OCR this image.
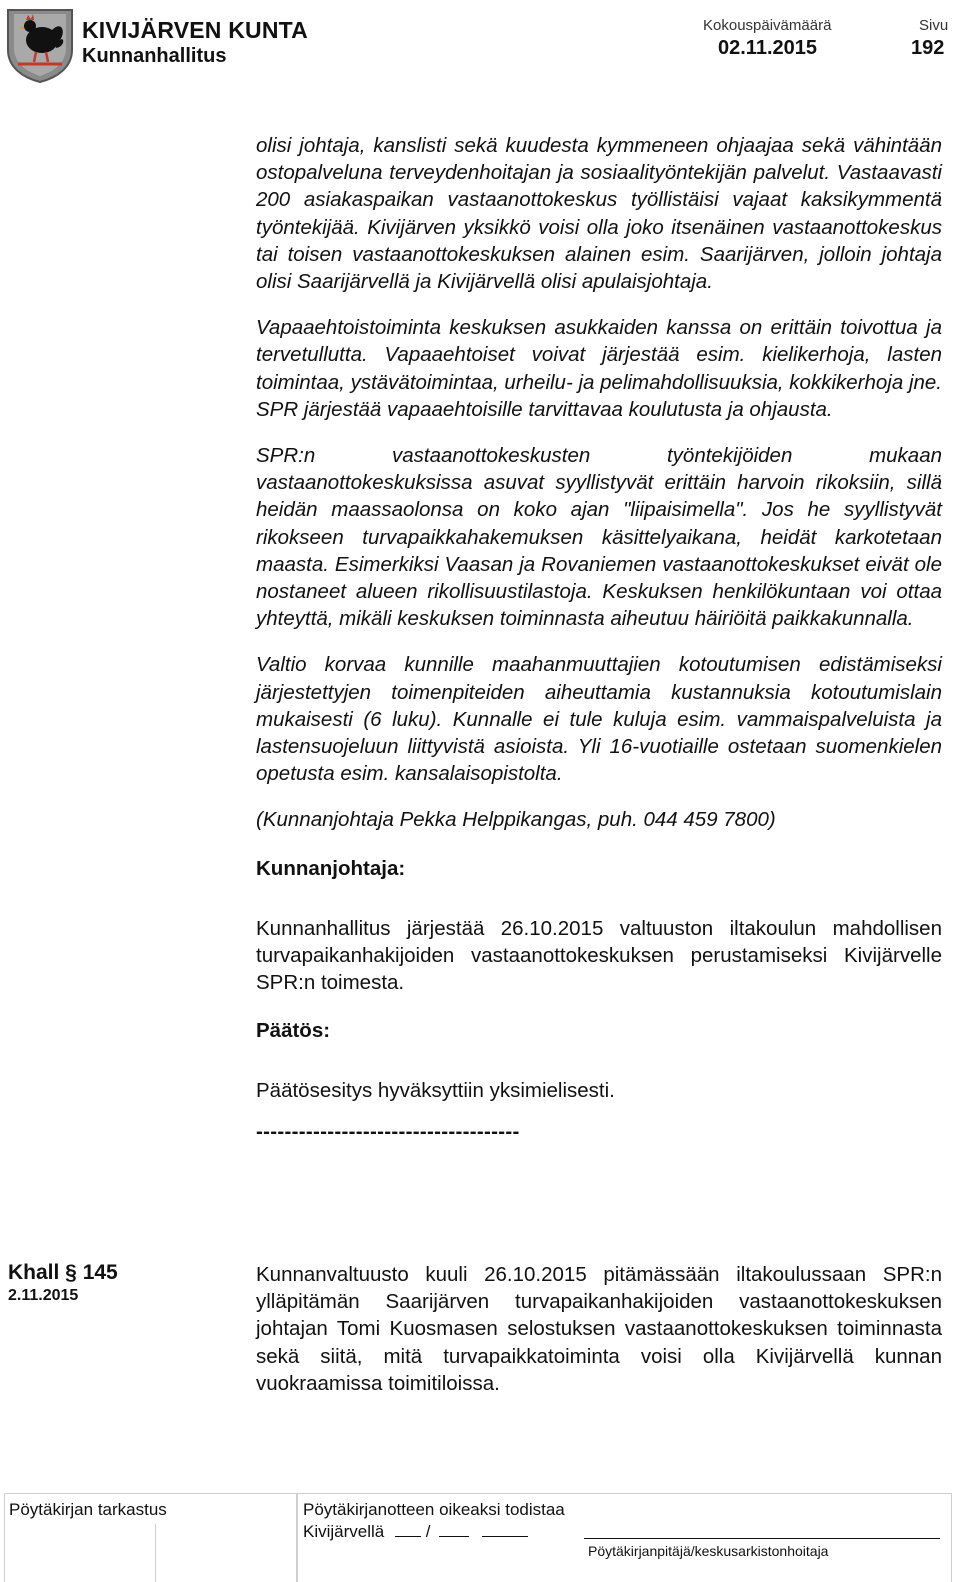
KIVIJÄRVEN KUNTA
Kunnanhallitus
Kokouspäivämäärä
02.11.2015
Sivu
192

olisi johtaja, kanslisti sekä kuudesta kymmeneen ohjaajaa sekä vähintään ostopalveluna terveydenhoitajan ja sosiaalityöntekijän palvelut. Vastaavasti 200 asiakaspaikan vastaanottokeskus työllistäisi vajaat kaksikymmentä työntekijää. Kivijärven yksikkö voisi olla joko itsenäinen vastaanottokeskus tai toisen vastaanottokeskuksen alainen esim. Saarijärven, jolloin johtaja olisi Saarijärvellä ja Kivijärvellä olisi apulaisjohtaja.

Vapaaehtoistoiminta keskuksen asukkaiden kanssa on erittäin toivottua ja tervetullutta. Vapaaehtoiset voivat järjestää esim. kielikerhoja, lasten toimintaa, ystävätoimintaa, urheilu- ja pelimahdollisuuksia, kokkikerhoja jne. SPR järjestää vapaaehtoisille tarvittavaa koulutusta ja ohjausta.

SPR:n vastaanottokeskusten työntekijöiden mukaan vastaanottokeskuksissa asuvat syyllistyvät erittäin harvoin rikoksiin, sillä heidän maassaolonsa on koko ajan "liipaisimella". Jos he syyllistyvät rikokseen turvapaikkahakemuksen käsittelyaikana, heidät karkotetaan maasta. Esimerkiksi Vaasan ja Rovaniemen vastaanottokeskukset eivät ole nostaneet alueen rikollisuustilastoja. Keskuksen henkilökuntaan voi ottaa yhteyttä, mikäli keskuksen toiminnasta aiheutuu häiriöitä paikkakunnalla.

Valtio korvaa kunnille maahanmuuttajien kotoutumisen edistämiseksi järjestettyjen toimenpiteiden aiheuttamia kustannuksia kotoutumislain mukaisesti (6 luku). Kunnalle ei tule kuluja esim. vammaispalveluista ja lastensuojeluun liittyvistä asioista. Yli 16-vuotiaille ostetaan suomenkielen opetusta esim. kansalaisopistolta.

(Kunnanjohtaja Pekka Helppikangas, puh. 044 459 7800)

Kunnanjohtaja:

Kunnanhallitus järjestää 26.10.2015 valtuuston iltakoulun mahdollisen turvapaikanhakijoiden vastaanottokeskuksen perustamiseksi Kivijärvelle SPR:n toimesta.

Päätös:

Päätösesitys hyväksyttiin yksimielisesti.

-------------------------------------
Khall § 145
2.11.2015

Kunnanvaltuusto kuuli 26.10.2015 pitämässään iltakoulussaan SPR:n ylläpitämän Saarijärven turvapaikanhakijoiden vastaanottokeskuksen johtajan Tomi Kuosmasen selostuksen vastaanottokeskuksen toiminnasta sekä siitä, mitä turvapaikkatoiminta voisi olla Kivijärvellä kunnan vuokraamissa toimitiloissa.

Pöytäkirjan tarkastus	Pöytäkirjanotteen oikeaksi todistaa
Kivijärvellä /
Pöytäkirjanpitäjä/keskusarkistonhoitaja
